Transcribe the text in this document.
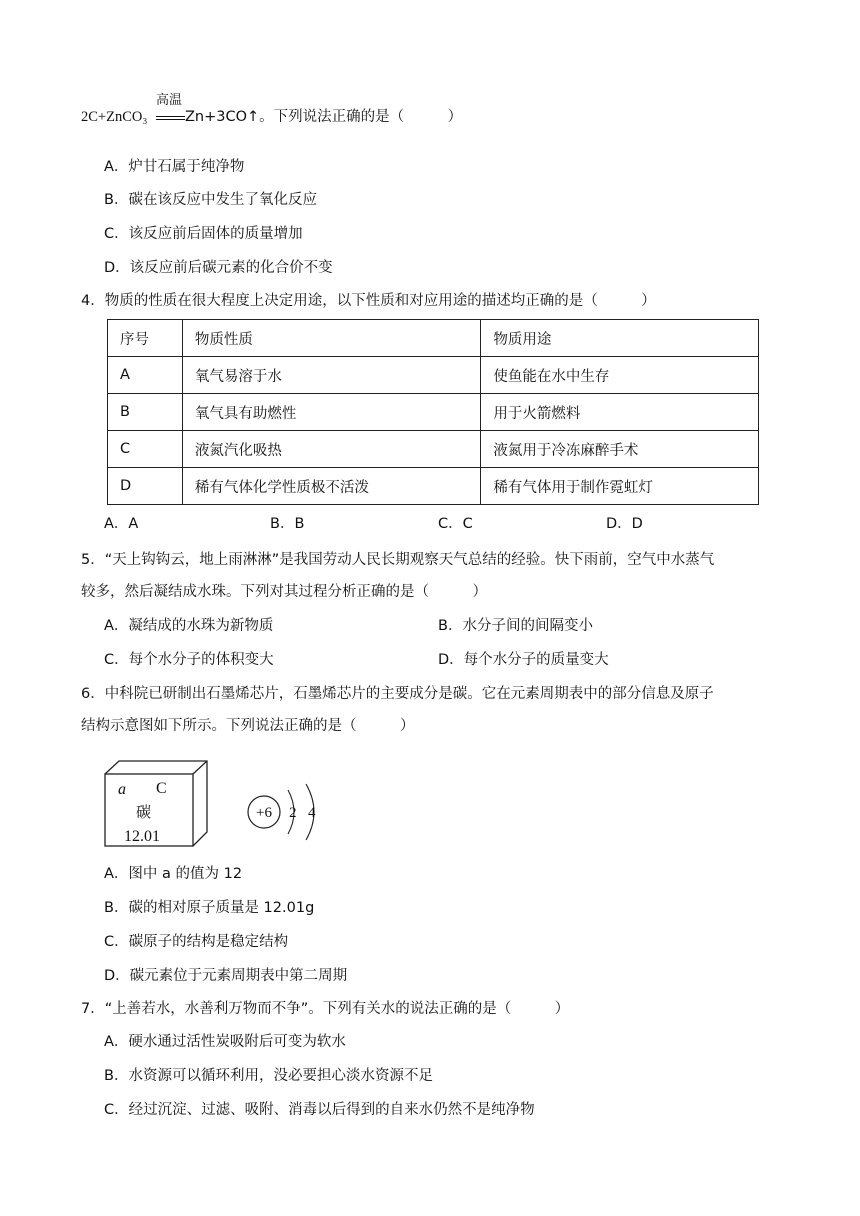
2C+ZnCO₃
高温
Zn+3CO↑。下列说法正确的是（　　　）
A．炉甘石属于纯净物
B．碳在该反应中发生了氧化反应
C．该反应前后固体的质量增加
D．该反应前后碳元素的化合价不变
4．物质的性质在很大程度上决定用途，以下性质和对应用途的描述均正确的是（　　　）
序号	物质性质	物质用途
A	氧气易溶于水	使鱼能在水中生存
B	氧气具有助燃性	用于火箭燃料
C	液氮汽化吸热	液氮用于冷冻麻醉手术
D	稀有气体化学性质极不活泼	稀有气体用于制作霓虹灯
A．A	B．B	C．C	D．D
5．“天上钩钩云，地上雨淋淋”是我国劳动人民长期观察天气总结的经验。快下雨前，空气中水蒸气
较多，然后凝结成水珠。下列对其过程分析正确的是（　　　）
A．凝结成的水珠为新物质	B．水分子间的间隔变小
C．每个水分子的体积变大	D．每个水分子的质量变大
6．中科院已研制出石墨烯芯片，石墨烯芯片的主要成分是碳。它在元素周期表中的部分信息及原子
结构示意图如下所示。下列说法正确的是（　　　）
a C
碳
12.01
+6 2 4
A．图中 a 的值为 12
B．碳的相对原子质量是 12.01g
C．碳原子的结构是稳定结构
D．碳元素位于元素周期表中第二周期
7．“上善若水，水善利万物而不争”。下列有关水的说法正确的是（　　　）
A．硬水通过活性炭吸附后可变为软水
B．水资源可以循环利用，没必要担心淡水资源不足
C．经过沉淀、过滤、吸附、消毒以后得到的自来水仍然不是纯净物
